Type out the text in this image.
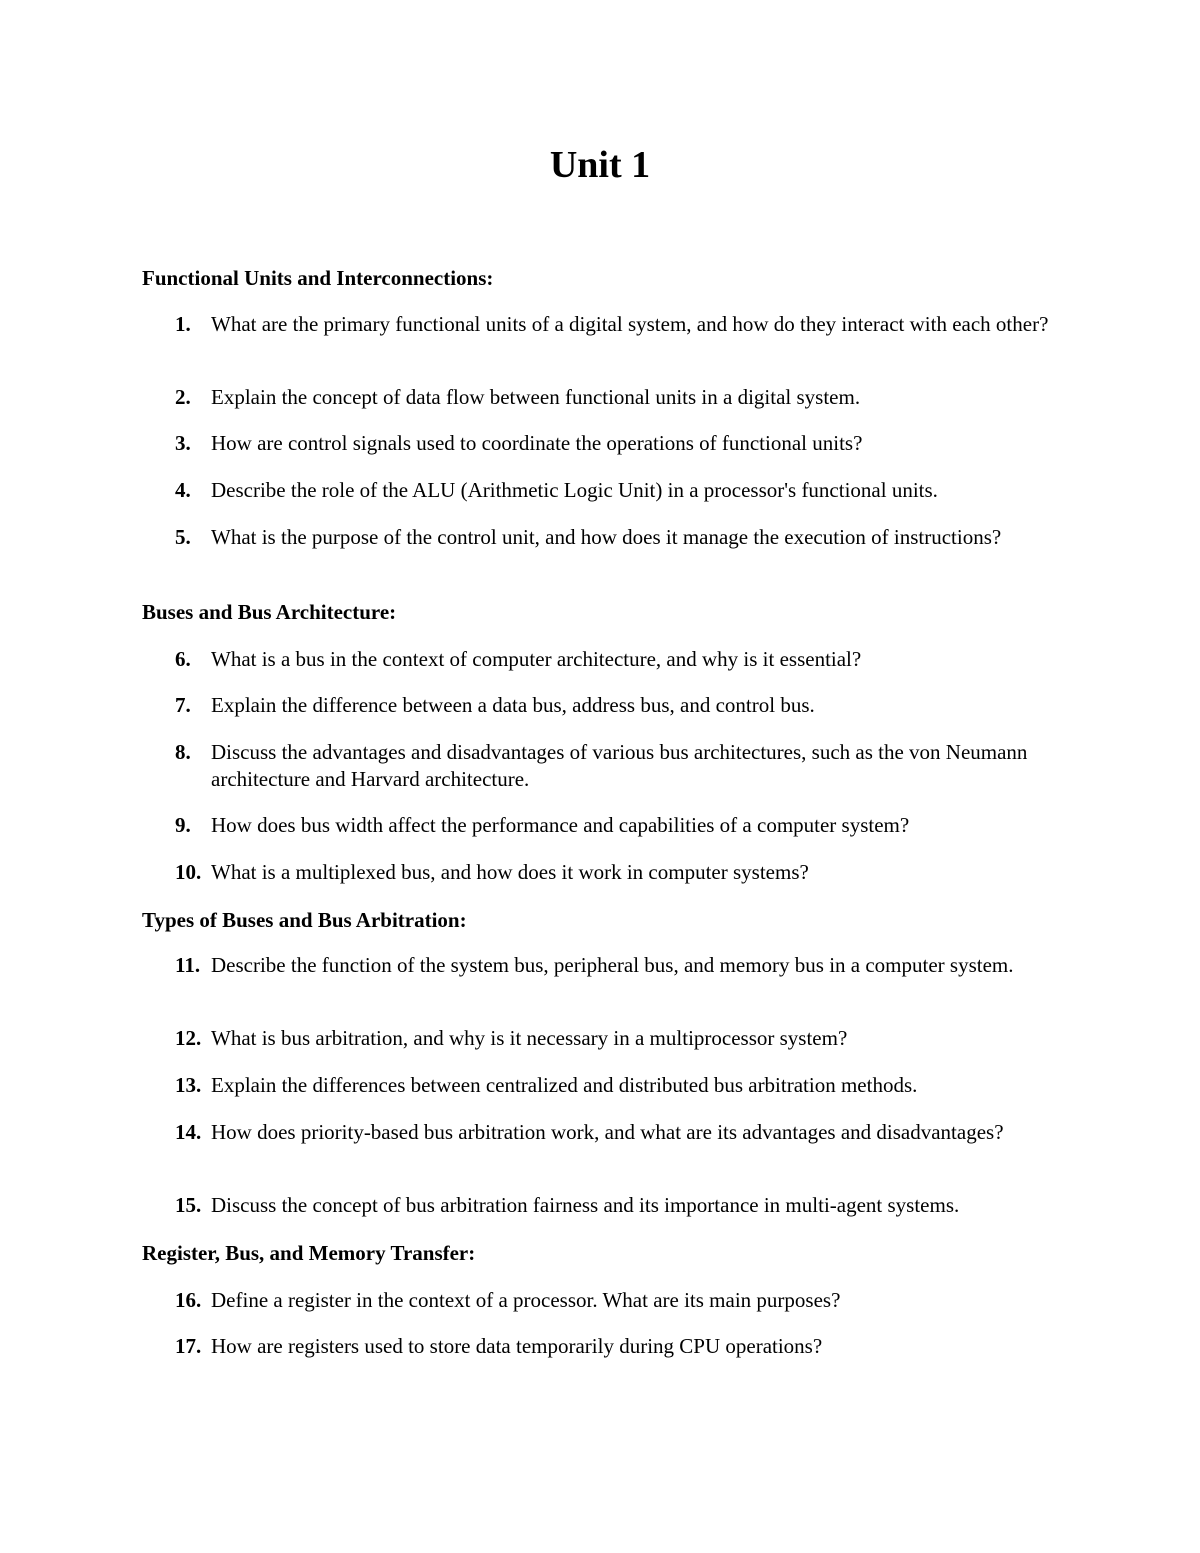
Unit 1
Functional Units and Interconnections:
1. What are the primary functional units of a digital system, and how do they interact with each other?
2. Explain the concept of data flow between functional units in a digital system.
3. How are control signals used to coordinate the operations of functional units?
4. Describe the role of the ALU (Arithmetic Logic Unit) in a processor's functional units.
5. What is the purpose of the control unit, and how does it manage the execution of instructions?
Buses and Bus Architecture:
6. What is a bus in the context of computer architecture, and why is it essential?
7. Explain the difference between a data bus, address bus, and control bus.
8. Discuss the advantages and disadvantages of various bus architectures, such as the von Neumann architecture and Harvard architecture.
9. How does bus width affect the performance and capabilities of a computer system?
10. What is a multiplexed bus, and how does it work in computer systems?
Types of Buses and Bus Arbitration:
11. Describe the function of the system bus, peripheral bus, and memory bus in a computer system.
12. What is bus arbitration, and why is it necessary in a multiprocessor system?
13. Explain the differences between centralized and distributed bus arbitration methods.
14. How does priority-based bus arbitration work, and what are its advantages and disadvantages?
15. Discuss the concept of bus arbitration fairness and its importance in multi-agent systems.
Register, Bus, and Memory Transfer:
16. Define a register in the context of a processor. What are its main purposes?
17. How are registers used to store data temporarily during CPU operations?
